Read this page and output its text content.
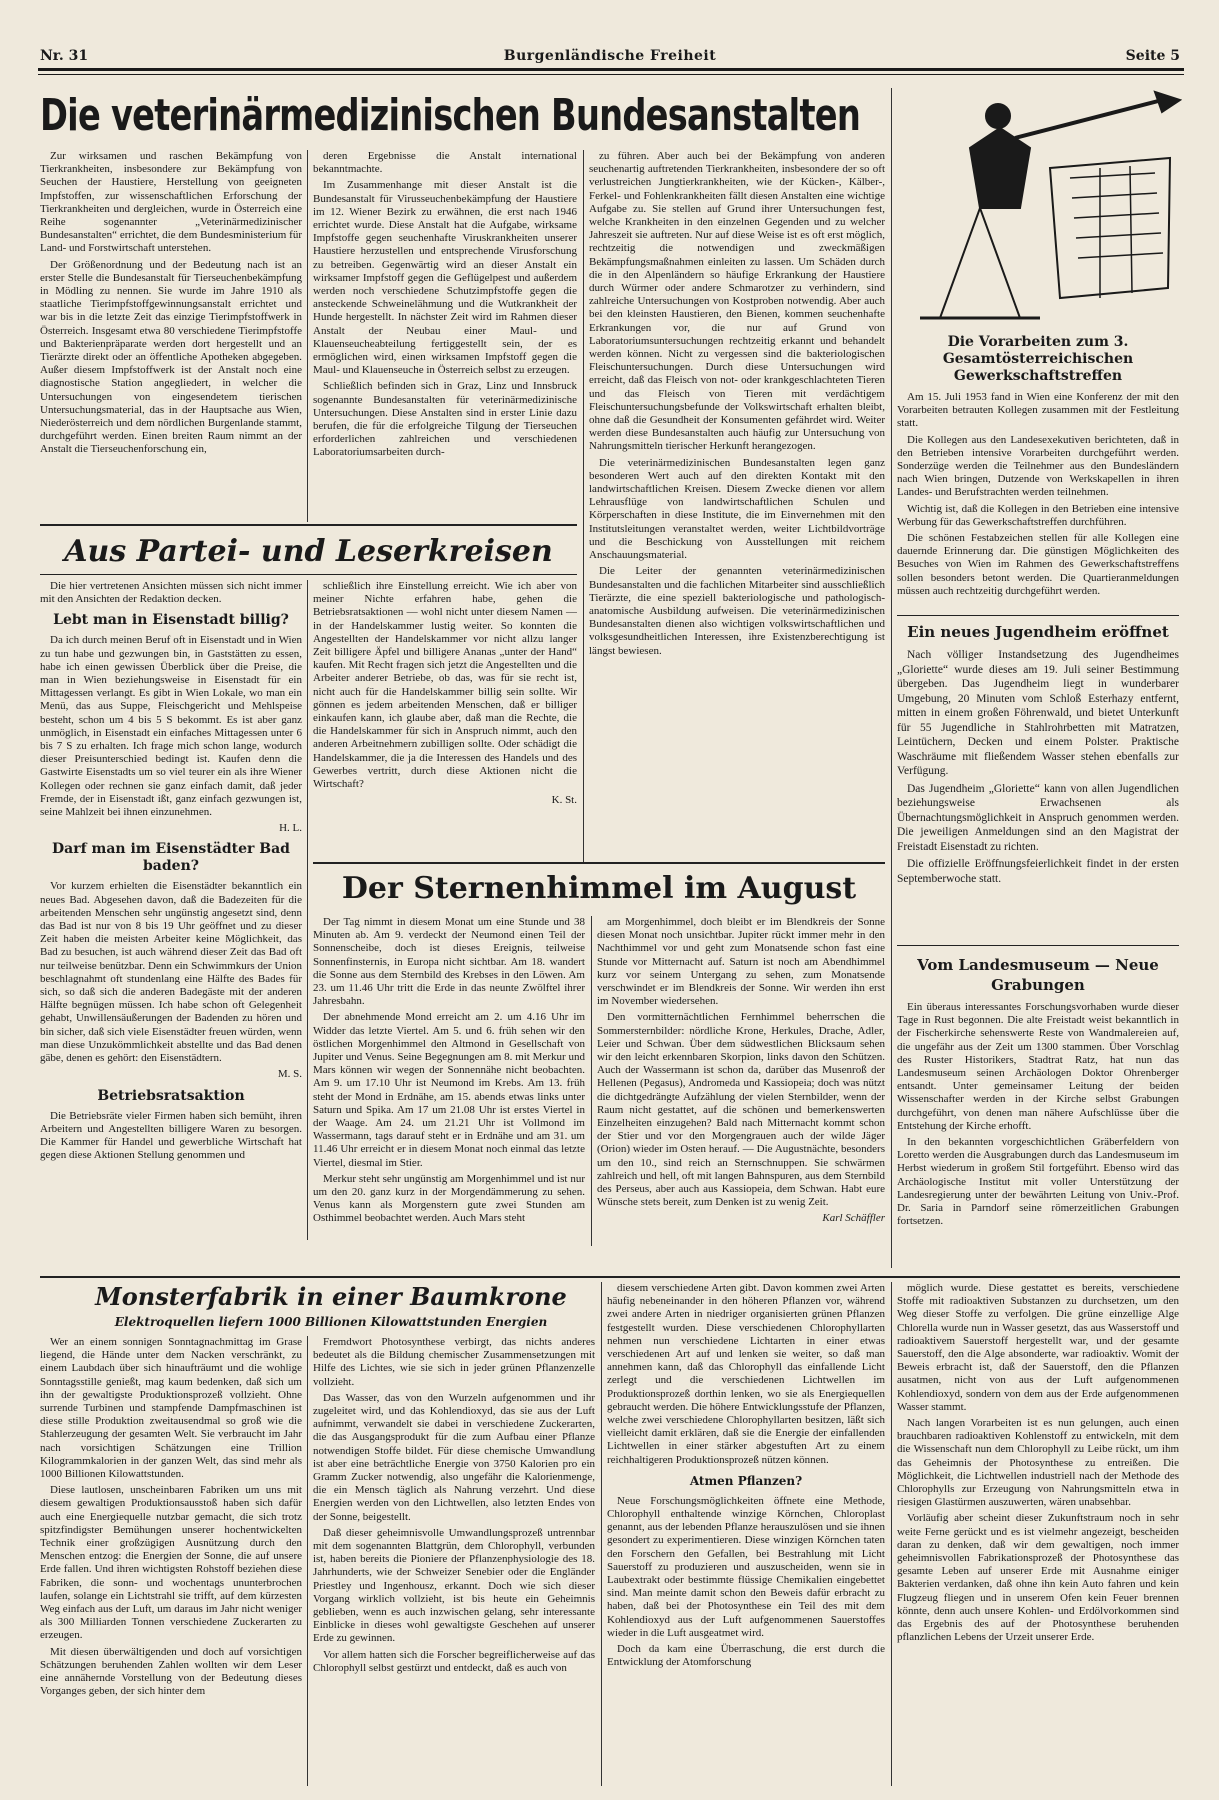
Nr. 31	Burgenländische Freiheit	Seite 5
Die veterinärmedizinischen Bundesanstalten

Zur wirksamen und raschen Bekämpfung von Tierkrankheiten, insbesondere zur Bekämpfung von Seuchen der Haustiere, Herstellung von geeigneten Impfstoffen, zur wissenschaftlichen Erforschung der Tierkrankheiten und dergleichen, wurde in Österreich eine Reihe sogenannter „Veterinärmedizinischer Bundesanstalten“ errichtet, die dem Bundesministerium für Land- und Forstwirtschaft unterstehen.

Der Größenordnung und der Bedeutung nach ist an erster Stelle die Bundesanstalt für Tierseuchenbekämpfung in Mödling zu nennen. Sie wurde im Jahre 1910 als staatliche Tierimpfstoffgewinnungsanstalt errichtet und war bis in die letzte Zeit das einzige Tierimpfstoffwerk in Österreich. Insgesamt etwa 80 verschiedene Tierimpfstoffe und Bakterienpräparate werden dort hergestellt und an Tierärzte direkt oder an öffentliche Apotheken abgegeben. Außer diesem Impfstoffwerk ist der Anstalt noch eine diagnostische Station angegliedert, in welcher die Untersuchungen von eingesendetem tierischen Untersuchungsmaterial, das in der Hauptsache aus Wien, Niederösterreich und dem nördlichen Burgenlande stammt, durchgeführt werden. Einen breiten Raum nimmt an der Anstalt die Tierseuchenforschung ein,

deren Ergebnisse die Anstalt international bekanntmachte.

Im Zusammenhange mit dieser Anstalt ist die Bundesanstalt für Virusseuchenbekämpfung der Haustiere im 12. Wiener Bezirk zu erwähnen, die erst nach 1946 errichtet wurde. Diese Anstalt hat die Aufgabe, wirksame Impfstoffe gegen seuchenhafte Viruskrankheiten unserer Haustiere herzustellen und entsprechende Virusforschung zu betreiben. Gegenwärtig wird an dieser Anstalt ein wirksamer Impfstoff gegen die Geflügelpest und außerdem werden noch verschiedene Schutzimpfstoffe gegen die ansteckende Schweinelähmung und die Wutkrankheit der Hunde hergestellt. In nächster Zeit wird im Rahmen dieser Anstalt der Neubau einer Maul- und Klauenseucheabteilung fertiggestellt sein, der es ermöglichen wird, einen wirksamen Impfstoff gegen die Maul- und Klauenseuche in Österreich selbst zu erzeugen.

Schließlich befinden sich in Graz, Linz und Innsbruck sogenannte Bundesanstalten für veterinärmedizinische Untersuchungen. Diese Anstalten sind in erster Linie dazu berufen, die für die erfolgreiche Tilgung der Tierseuchen erforderlichen zahlreichen und verschiedenen Laboratoriumsarbeiten durch-

zu führen. Aber auch bei der Bekämpfung von anderen seuchenartig auftretenden Tierkrankheiten, insbesondere der so oft verlustreichen Jungtierkrankheiten, wie der Kücken-, Kälber-, Ferkel- und Fohlenkrankheiten fällt diesen Anstalten eine wichtige Aufgabe zu. Sie stellen auf Grund ihrer Untersuchungen fest, welche Krankheiten in den einzelnen Gegenden und zu welcher Jahreszeit sie auftreten. Nur auf diese Weise ist es oft erst möglich, rechtzeitig die notwendigen und zweckmäßigen Bekämpfungsmaßnahmen einleiten zu lassen. Um Schäden durch die in den Alpenländern so häufige Erkrankung der Haustiere durch Würmer oder andere Schmarotzer zu verhindern, sind zahlreiche Untersuchungen von Kostproben notwendig. Aber auch bei den kleinsten Haustieren, den Bienen, kommen seuchenhafte Erkrankungen vor, die nur auf Grund von Laboratoriumsuntersuchungen rechtzeitig erkannt und behandelt werden können. Nicht zu vergessen sind die bakteriologischen Fleischuntersuchungen. Durch diese Untersuchungen wird erreicht, daß das Fleisch von not- oder krankgeschlachteten Tieren und das Fleisch von Tieren mit verdächtigem Fleischuntersuchungsbefunde der Volkswirtschaft erhalten bleibt, ohne daß die Gesundheit der Konsumenten gefährdet wird. Weiter werden diese Bundesanstalten auch häufig zur Untersuchung von Nahrungsmitteln tierischer Herkunft herangezogen.

Die veterinärmedizinischen Bundesanstalten legen ganz besonderen Wert auch auf den direkten Kontakt mit den landwirtschaftlichen Kreisen. Diesem Zwecke dienen vor allem Lehrausflüge von landwirtschaftlichen Schulen und Körperschaften in diese Institute, die im Einvernehmen mit den Institutsleitungen veranstaltet werden, weiter Lichtbildvorträge und die Beschickung von Ausstellungen mit reichem Anschauungsmaterial.

Die Leiter der genannten veterinärmedizinischen Bundesanstalten und die fachlichen Mitarbeiter sind ausschließlich Tierärzte, die eine speziell bakteriologische und pathologisch-anatomische Ausbildung aufweisen. Die veterinärmedizinischen Bundesanstalten dienen also wichtigen volkswirtschaftlichen und volksgesundheitlichen Interessen, ihre Existenzberechtigung ist längst bewiesen.

Die Vorarbeiten zum 3. Gesamtösterreichischen Gewerkschaftstreffen

Am 15. Juli 1953 fand in Wien eine Konferenz der mit den Vorarbeiten betrauten Kollegen zusammen mit der Festleitung statt.

Die Kollegen aus den Landesexekutiven berichteten, daß in den Betrieben intensive Vorarbeiten durchgeführt werden. Sonderzüge werden die Teilnehmer aus den Bundesländern nach Wien bringen, Dutzende von Werkskapellen in ihren Landes- und Berufstrachten werden teilnehmen.

Wichtig ist, daß die Kollegen in den Betrieben eine intensive Werbung für das Gewerkschaftstreffen durchführen.

Die schönen Festabzeichen stellen für alle Kollegen eine dauernde Erinnerung dar. Die günstigen Möglichkeiten des Besuches von Wien im Rahmen des Gewerkschaftstreffens sollen besonders betont werden. Die Quartieranmeldungen müssen auch rechtzeitig durchgeführt werden.

Ein neues Jugendheim eröffnet

Nach völliger Instandsetzung des Jugendheimes „Gloriette“ wurde dieses am 19. Juli seiner Bestimmung übergeben. Das Jugendheim liegt in wunderbarer Umgebung, 20 Minuten vom Schloß Esterhazy entfernt, mitten in einem großen Föhrenwald, und bietet Unterkunft für 55 Jugendliche in Stahlrohrbetten mit Matratzen, Leintüchern, Decken und einem Polster. Praktische Waschräume mit fließendem Wasser stehen ebenfalls zur Verfügung.

Das Jugendheim „Gloriette“ kann von allen Jugendlichen beziehungsweise Erwachsenen als Übernachtungsmöglichkeit in Anspruch genommen werden. Die jeweiligen Anmeldungen sind an den Magistrat der Freistadt Eisenstadt zu richten.

Die offizielle Eröffnungsfeierlichkeit findet in der ersten Septemberwoche statt.

Vom Landesmuseum — Neue Grabungen

Ein überaus interessantes Forschungsvorhaben wurde dieser Tage in Rust begonnen. Die alte Freistadt weist bekanntlich in der Fischerkirche sehenswerte Reste von Wandmalereien auf, die ungefähr aus der Zeit um 1300 stammen. Über Vorschlag des Ruster Historikers, Stadtrat Ratz, hat nun das Landesmuseum seinen Archäologen Doktor Ohrenberger entsandt. Unter gemeinsamer Leitung der beiden Wissenschafter werden in der Kirche selbst Grabungen durchgeführt, von denen man nähere Aufschlüsse über die Entstehung der Kirche erhofft.

In den bekannten vorgeschichtlichen Gräberfeldern von Loretto werden die Ausgrabungen durch das Landesmuseum im Herbst wiederum in großem Stil fortgeführt. Ebenso wird das Archäologische Institut mit voller Unterstützung der Landesregierung unter der bewährten Leitung von Univ.-Prof. Dr. Saria in Parndorf seine römerzeitlichen Grabungen fortsetzen.

Aus Partei- und Leserkreisen

Die hier vertretenen Ansichten müssen sich nicht immer mit den Ansichten der Redaktion decken.

Lebt man in Eisenstadt billig?

Da ich durch meinen Beruf oft in Eisenstadt und in Wien zu tun habe und gezwungen bin, in Gaststätten zu essen, habe ich einen gewissen Überblick über die Preise, die man in Wien beziehungsweise in Eisenstadt für ein Mittagessen verlangt. Es gibt in Wien Lokale, wo man ein Menü, das aus Suppe, Fleischgericht und Mehlspeise besteht, schon um 4 bis 5 S bekommt. Es ist aber ganz unmöglich, in Eisenstadt ein einfaches Mittagessen unter 6 bis 7 S zu erhalten. Ich frage mich schon lange, wodurch dieser Preisunterschied bedingt ist. Kaufen denn die Gastwirte Eisenstadts um so viel teurer ein als ihre Wiener Kollegen oder rechnen sie ganz einfach damit, daß jeder Fremde, der in Eisenstadt ißt, ganz einfach gezwungen ist, seine Mahlzeit bei ihnen einzunehmen.

H. L.
Darf man im Eisenstädter Bad baden?

Vor kurzem erhielten die Eisenstädter bekanntlich ein neues Bad. Abgesehen davon, daß die Badezeiten für die arbeitenden Menschen sehr ungünstig angesetzt sind, denn das Bad ist nur von 8 bis 19 Uhr geöffnet und zu dieser Zeit haben die meisten Arbeiter keine Möglichkeit, das Bad zu besuchen, ist auch während dieser Zeit das Bad oft nur teilweise benützbar. Denn ein Schwimmkurs der Union beschlagnahmt oft stundenlang eine Hälfte des Bades für sich, so daß sich die anderen Badegäste mit der anderen Hälfte begnügen müssen. Ich habe schon oft Gelegenheit gehabt, Unwillensäußerungen der Badenden zu hören und bin sicher, daß sich viele Eisenstädter freuen würden, wenn man diese Unzukömmlichkeit abstellte und das Bad denen gäbe, denen es gehört: den Eisenstädtern.

M. S.
Betriebsratsaktion

Die Betriebsräte vieler Firmen haben sich bemüht, ihren Arbeitern und Angestellten billigere Waren zu besorgen. Die Kammer für Handel und gewerbliche Wirtschaft hat gegen diese Aktionen Stellung genommen und

schließlich ihre Einstellung erreicht. Wie ich aber von meiner Nichte erfahren habe, gehen die Betriebsratsaktionen — wohl nicht unter diesem Namen — in der Handelskammer lustig weiter. So konnten die Angestellten der Handelskammer vor nicht allzu langer Zeit billigere Äpfel und billigere Ananas „unter der Hand“ kaufen. Mit Recht fragen sich jetzt die Angestellten und die Arbeiter anderer Betriebe, ob das, was für sie recht ist, nicht auch für die Handelskammer billig sein sollte. Wir gönnen es jedem arbeitenden Menschen, daß er billiger einkaufen kann, ich glaube aber, daß man die Rechte, die die Handelskammer für sich in Anspruch nimmt, auch den anderen Arbeitnehmern zubilligen sollte. Oder schädigt die Handelskammer, die ja die Interessen des Handels und des Gewerbes vertritt, durch diese Aktionen nicht die Wirtschaft?

K. St.
Der Sternenhimmel im August

Der Tag nimmt in diesem Monat um eine Stunde und 38 Minuten ab. Am 9. verdeckt der Neumond einen Teil der Sonnenscheibe, doch ist dieses Ereignis, teilweise Sonnenfinsternis, in Europa nicht sichtbar. Am 18. wandert die Sonne aus dem Sternbild des Krebses in den Löwen. Am 23. um 11.46 Uhr tritt die Erde in das neunte Zwölftel ihrer Jahresbahn.

Der abnehmende Mond erreicht am 2. um 4.16 Uhr im Widder das letzte Viertel. Am 5. und 6. früh sehen wir den östlichen Morgenhimmel den Altmond in Gesellschaft von Jupiter und Venus. Seine Begegnungen am 8. mit Merkur und Mars können wir wegen der Sonnennähe nicht beobachten. Am 9. um 17.10 Uhr ist Neumond im Krebs. Am 13. früh steht der Mond in Erdnähe, am 15. abends etwas links unter Saturn und Spika. Am 17 um 21.08 Uhr ist erstes Viertel in der Waage. Am 24. um 21.21 Uhr ist Vollmond im Wassermann, tags darauf steht er in Erdnähe und am 31. um 11.46 Uhr erreicht er in diesem Monat noch einmal das letzte Viertel, diesmal im Stier.

Merkur steht sehr ungünstig am Morgenhimmel und ist nur um den 20. ganz kurz in der Morgendämmerung zu sehen. Venus kann als Morgenstern gute zwei Stunden am Osthimmel beobachtet werden. Auch Mars steht

am Morgenhimmel, doch bleibt er im Blendkreis der Sonne diesen Monat noch unsichtbar. Jupiter rückt immer mehr in den Nachthimmel vor und geht zum Monatsende schon fast eine Stunde vor Mitternacht auf. Saturn ist noch am Abendhimmel kurz vor seinem Untergang zu sehen, zum Monatsende verschwindet er im Blendkreis der Sonne. Wir werden ihn erst im November wiedersehen.

Den vormitternächtlichen Fernhimmel beherrschen die Sommersternbilder: nördliche Krone, Herkules, Drache, Adler, Leier und Schwan. Über dem südwestlichen Blicksaum sehen wir den leicht erkennbaren Skorpion, links davon den Schützen. Auch der Wassermann ist schon da, darüber das Musenroß der Hellenen (Pegasus), Andromeda und Kassiopeia; doch was nützt die dichtgedrängte Aufzählung der vielen Sternbilder, wenn der Raum nicht gestattet, auf die schönen und bemerkenswerten Einzelheiten einzugehen? Bald nach Mitternacht kommt schon der Stier und vor den Morgengrauen auch der wilde Jäger (Orion) wieder im Osten herauf. — Die Augustnächte, besonders um den 10., sind reich an Sternschnuppen. Sie schwärmen zahlreich und hell, oft mit langen Bahnspuren, aus dem Sternbild des Perseus, aber auch aus Kassiopeia, dem Schwan. Habt eure Wünsche stets bereit, zum Denken ist zu wenig Zeit.

Karl Schäffler
Monsterfabrik in einer Baumkrone
Elektroquellen liefern 1000 Billionen Kilowattstunden Energien

Wer an einem sonnigen Sonntagnachmittag im Grase liegend, die Hände unter dem Nacken verschränkt, zu einem Laubdach über sich hinaufträumt und die wohlige Sonntagsstille genießt, mag kaum bedenken, daß sich um ihn der gewaltigste Produktionsprozeß vollzieht. Ohne surrende Turbinen und stampfende Dampfmaschinen ist diese stille Produktion zweitausendmal so groß wie die Stahlerzeugung der gesamten Welt. Sie verbraucht im Jahr nach vorsichtigen Schätzungen eine Trillion Kilogrammkalorien in der ganzen Welt, das sind mehr als 1000 Billionen Kilowattstunden.

Diese lautlosen, unscheinbaren Fabriken um uns mit diesem gewaltigen Produktionsausstoß haben sich dafür auch eine Energiequelle nutzbar gemacht, die sich trotz spitzfindigster Bemühungen unserer hochentwickelten Technik einer großzügigen Ausnützung durch den Menschen entzog: die Energien der Sonne, die auf unsere Erde fallen. Und ihren wichtigsten Rohstoff beziehen diese Fabriken, die sonn- und wochentags ununterbrochen laufen, solange ein Lichtstrahl sie trifft, auf dem kürzesten Weg einfach aus der Luft, um daraus im Jahr nicht weniger als 300 Milliarden Tonnen verschiedene Zuckerarten zu erzeugen.

Mit diesen überwältigenden und doch auf vorsichtigen Schätzungen beruhenden Zahlen wollten wir dem Leser eine annähernde Vorstellung von der Bedeutung dieses Vorganges geben, der sich hinter dem

Fremdwort Photosynthese verbirgt, das nichts anderes bedeutet als die Bildung chemischer Zusammensetzungen mit Hilfe des Lichtes, wie sie sich in jeder grünen Pflanzenzelle vollzieht.

Das Wasser, das von den Wurzeln aufgenommen und ihr zugeleitet wird, und das Kohlendioxyd, das sie aus der Luft aufnimmt, verwandelt sie dabei in verschiedene Zuckerarten, die das Ausgangsprodukt für die zum Aufbau einer Pflanze notwendigen Stoffe bildet. Für diese chemische Umwandlung ist aber eine beträchtliche Energie von 3750 Kalorien pro ein Gramm Zucker notwendig, also ungefähr die Kalorienmenge, die ein Mensch täglich als Nahrung verzehrt. Und diese Energien werden von den Lichtwellen, also letzten Endes von der Sonne, beigestellt.

Daß dieser geheimnisvolle Umwandlungsprozeß untrennbar mit dem sogenannten Blattgrün, dem Chlorophyll, verbunden ist, haben bereits die Pioniere der Pflanzenphysiologie des 18. Jahrhunderts, wie der Schweizer Senebier oder die Engländer Priestley und Ingenhousz, erkannt. Doch wie sich dieser Vorgang wirklich vollzieht, ist bis heute ein Geheimnis geblieben, wenn es auch inzwischen gelang, sehr interessante Einblicke in dieses wohl gewaltigste Geschehen auf unserer Erde zu gewinnen.

Vor allem hatten sich die Forscher begreiflicherweise auf das Chlorophyll selbst gestürzt und entdeckt, daß es auch von

diesem verschiedene Arten gibt. Davon kommen zwei Arten häufig nebeneinander in den höheren Pflanzen vor, während zwei andere Arten in niedriger organisierten grünen Pflanzen festgestellt wurden. Diese verschiedenen Chlorophyllarten nehmen nun verschiedene Lichtarten in einer etwas verschiedenen Art auf und lenken sie weiter, so daß man annehmen kann, daß das Chlorophyll das einfallende Licht zerlegt und die verschiedenen Lichtwellen im Produktionsprozeß dorthin lenken, wo sie als Energiequellen gebraucht werden. Die höhere Entwicklungsstufe der Pflanzen, welche zwei verschiedene Chlorophyllarten besitzen, läßt sich vielleicht damit erklären, daß sie die Energie der einfallenden Lichtwellen in einer stärker abgestuften Art zu einem reichhaltigeren Produktionsprozeß nützen können.

Atmen Pflanzen?

Neue Forschungsmöglichkeiten öffnete eine Methode, Chlorophyll enthaltende winzige Körnchen, Chloroplast genannt, aus der lebenden Pflanze herauszulösen und sie ihnen gesondert zu experimentieren. Diese winzigen Körnchen taten den Forschern den Gefallen, bei Bestrahlung mit Licht Sauerstoff zu produzieren und auszuscheiden, wenn sie in Laubextrakt oder bestimmte flüssige Chemikalien eingebettet sind. Man meinte damit schon den Beweis dafür erbracht zu haben, daß bei der Photosynthese ein Teil des mit dem Kohlendioxyd aus der Luft aufgenommenen Sauerstoffes wieder in die Luft ausgeatmet wird.

Doch da kam eine Überraschung, die erst durch die Entwicklung der Atomforschung

möglich wurde. Diese gestattet es bereits, verschiedene Stoffe mit radioaktiven Substanzen zu durchsetzen, um den Weg dieser Stoffe zu verfolgen. Die grüne einzellige Alge Chlorella wurde nun in Wasser gesetzt, das aus Wasserstoff und radioaktivem Sauerstoff hergestellt war, und der gesamte Sauerstoff, den die Alge absonderte, war radioaktiv. Womit der Beweis erbracht ist, daß der Sauerstoff, den die Pflanzen ausatmen, nicht von aus der Luft aufgenommenen Kohlendioxyd, sondern von dem aus der Erde aufgenommenen Wasser stammt.

Nach langen Vorarbeiten ist es nun gelungen, auch einen brauchbaren radioaktiven Kohlenstoff zu entwickeln, mit dem die Wissenschaft nun dem Chlorophyll zu Leibe rückt, um ihm das Geheimnis der Photosynthese zu entreißen. Die Möglichkeit, die Lichtwellen industriell nach der Methode des Chlorophylls zur Erzeugung von Nahrungsmitteln etwa in riesigen Glastürmen auszuwerten, wären unabsehbar.

Vorläufig aber scheint dieser Zukunftstraum noch in sehr weite Ferne gerückt und es ist vielmehr angezeigt, bescheiden daran zu denken, daß wir dem gewaltigen, noch immer geheimnisvollen Fabrikationsprozeß der Photosynthese das gesamte Leben auf unserer Erde mit Ausnahme einiger Bakterien verdanken, daß ohne ihn kein Auto fahren und kein Flugzeug fliegen und in unserem Ofen kein Feuer brennen könnte, denn auch unsere Kohlen- und Erdölvorkommen sind das Ergebnis des auf der Photosynthese beruhenden pflanzlichen Lebens der Urzeit unserer Erde.
